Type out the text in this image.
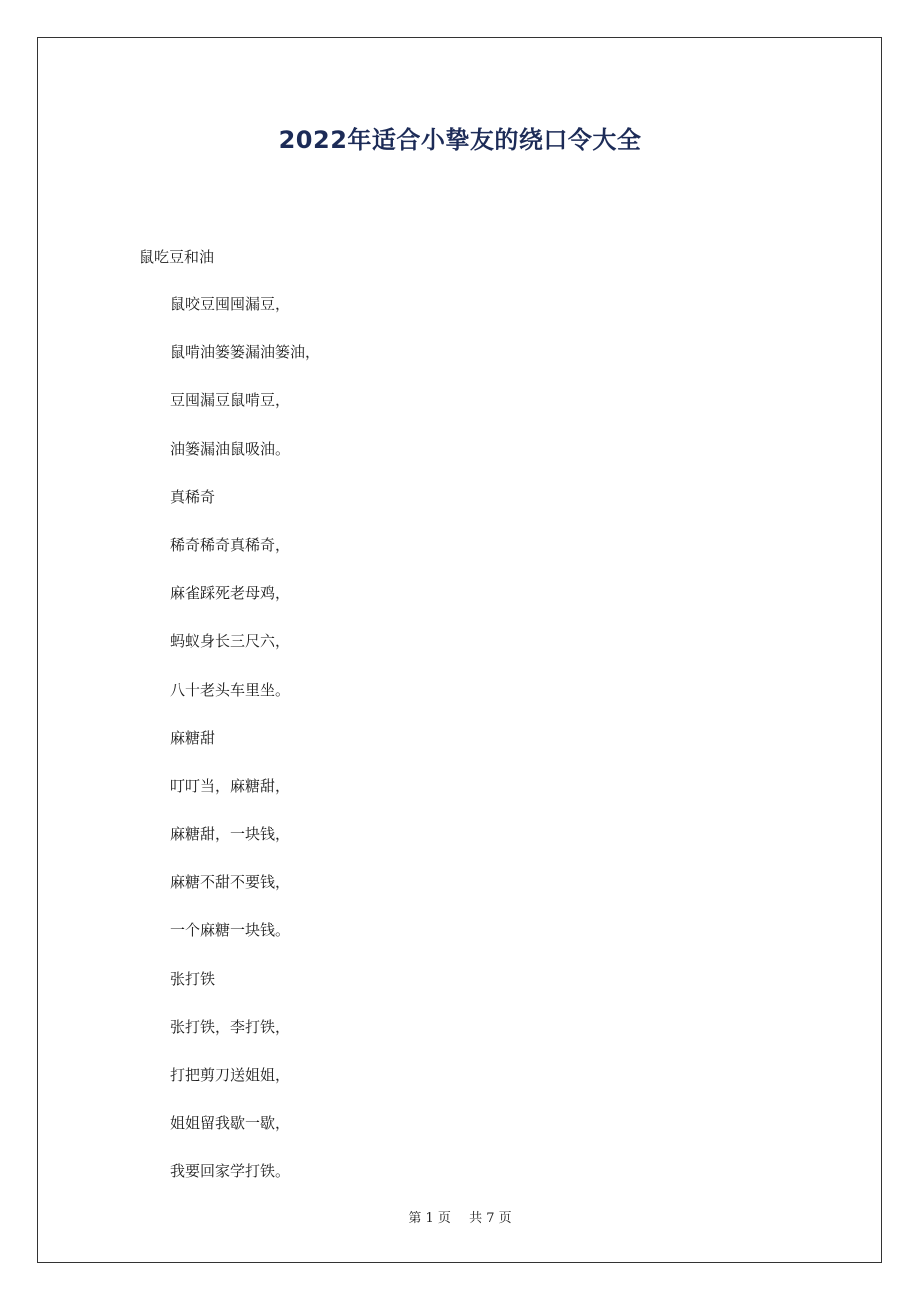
2022年适合小挚友的绕口令大全
鼠吃豆和油
鼠咬豆囤囤漏豆，
鼠啃油篓篓漏油篓油，
豆囤漏豆鼠啃豆，
油篓漏油鼠吸油。
真稀奇
稀奇稀奇真稀奇，
麻雀踩死老母鸡，
蚂蚁身长三尺六，
八十老头车里坐。
麻糖甜
叮叮当，麻糖甜，
麻糖甜，一块钱，
麻糖不甜不要钱，
一个麻糖一块钱。
张打铁
张打铁，李打铁，
打把剪刀送姐姐，
姐姐留我歇一歇，
我要回家学打铁。
第 1 页 共 7 页
